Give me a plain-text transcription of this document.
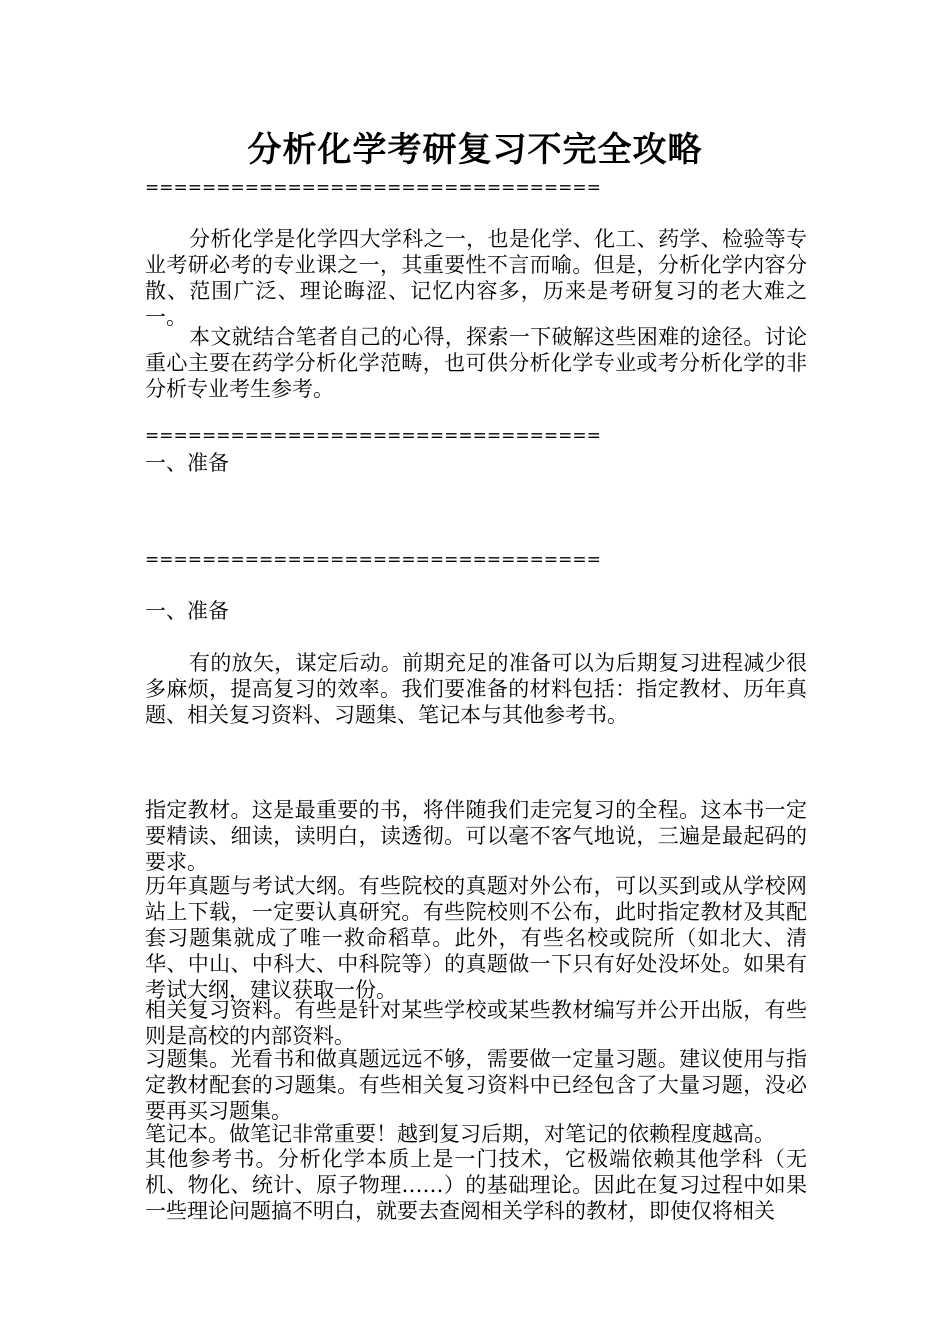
分析化学考研复习不完全攻略
================================
分析化学是化学四大学科之一，也是化学、化工、药学、检验等专业考研必考的专业课之一，其重要性不言而喻。但是，分析化学内容分散、范围广泛、理论晦涩、记忆内容多，历来是考研复习的老大难之一。
本文就结合笔者自己的心得，探索一下破解这些困难的途径。讨论重心主要在药学分析化学范畴，也可供分析化学专业或考分析化学的非分析专业考生参考。
================================
一、准备
================================
一、准备
有的放矢，谋定后动。前期充足的准备可以为后期复习进程减少很多麻烦，提高复习的效率。我们要准备的材料包括：指定教材、历年真题、相关复习资料、习题集、笔记本与其他参考书。
指定教材。这是最重要的书，将伴随我们走完复习的全程。这本书一定要精读、细读，读明白，读透彻。可以毫不客气地说，三遍是最起码的要求。
历年真题与考试大纲。有些院校的真题对外公布，可以买到或从学校网站上下载，一定要认真研究。有些院校则不公布，此时指定教材及其配套习题集就成了唯一救命稻草。此外，有些名校或院所（如北大、清华、中山、中科大、中科院等）的真题做一下只有好处没坏处。如果有考试大纲，建议获取一份。
相关复习资料。有些是针对某些学校或某些教材编写并公开出版，有些则是高校的内部资料。
习题集。光看书和做真题远远不够，需要做一定量习题。建议使用与指定教材配套的习题集。有些相关复习资料中已经包含了大量习题，没必要再买习题集。
笔记本。做笔记非常重要！越到复习后期，对笔记的依赖程度越高。
其他参考书。分析化学本质上是一门技术，它极端依赖其他学科（无机、物化、统计、原子物理……）的基础理论。因此在复习过程中如果一些理论问题搞不明白，就要去查阅相关学科的教材，即使仅将相关
